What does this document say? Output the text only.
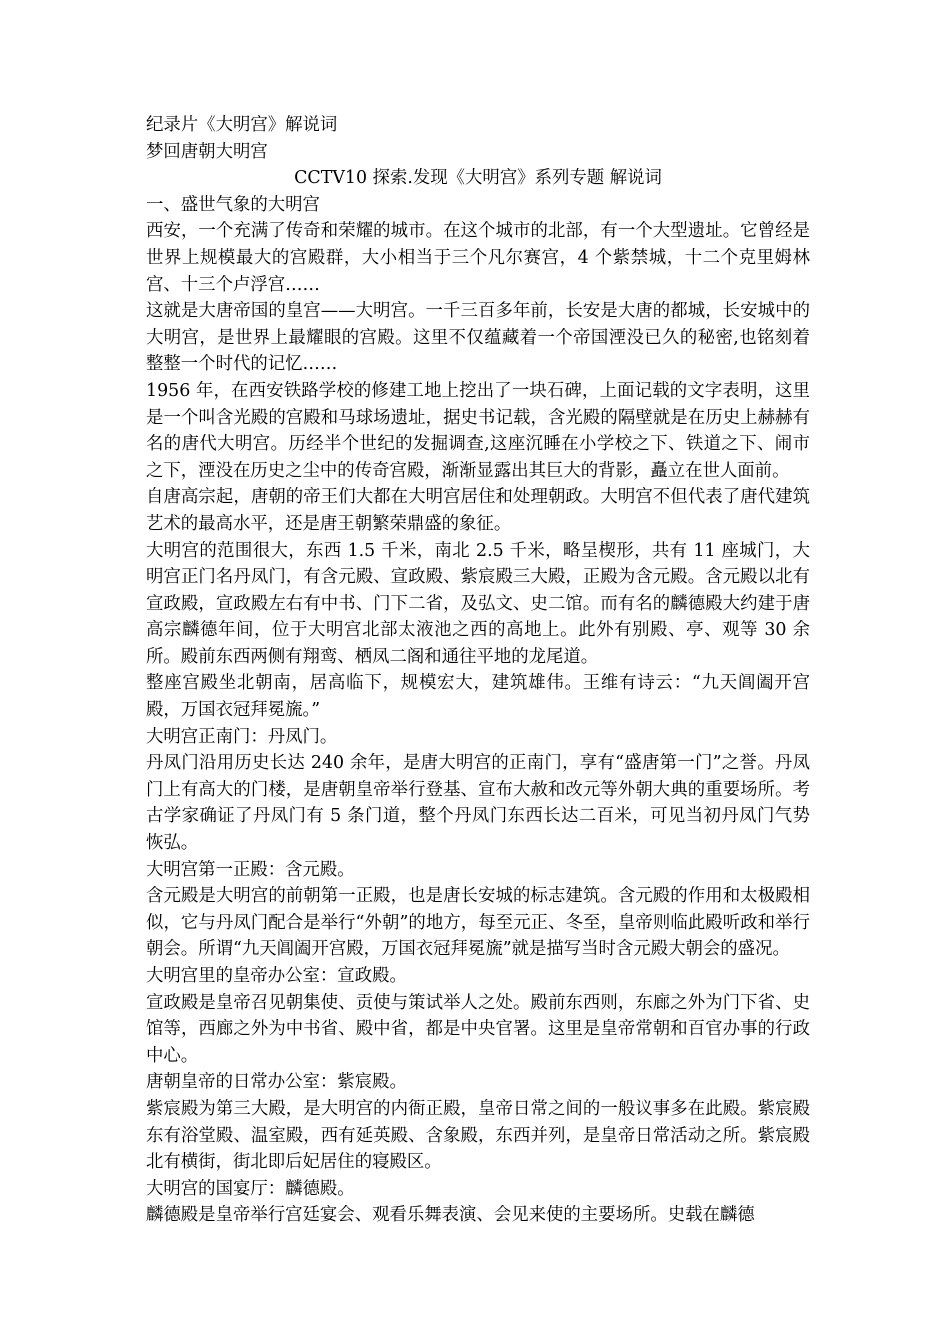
纪录片《大明宫》解说词

梦回唐朝大明宫

CCTV10 探索.发现《大明宫》系列专题 解说词

一、盛世气象的大明宫

西安，一个充满了传奇和荣耀的城市。在这个城市的北部，有一个大型遗址。它曾经是世界上规模最大的宫殿群，大小相当于三个凡尔赛宫，4 个紫禁城，十二个克里姆林宫、十三个卢浮宫……

这就是大唐帝国的皇宫——大明宫。一千三百多年前，长安是大唐的都城，长安城中的大明宫，是世界上最耀眼的宫殿。这里不仅蕴藏着一个帝国湮没已久的秘密,也铭刻着整整一个时代的记忆……

1956 年，在西安铁路学校的修建工地上挖出了一块石碑，上面记载的文字表明，这里是一个叫含光殿的宫殿和马球场遗址，据史书记载，含光殿的隔壁就是在历史上赫赫有名的唐代大明宫。历经半个世纪的发掘调查,这座沉睡在小学校之下、铁道之下、闹市之下，湮没在历史之尘中的传奇宫殿，渐渐显露出其巨大的背影，矗立在世人面前。

自唐高宗起，唐朝的帝王们大都在大明宫居住和处理朝政。大明宫不但代表了唐代建筑艺术的最高水平，还是唐王朝繁荣鼎盛的象征。

大明宫的范围很大，东西 1.5 千米，南北 2.5 千米，略呈楔形，共有 11 座城门，大明宫正门名丹凤门，有含元殿、宣政殿、紫宸殿三大殿，正殿为含元殿。含元殿以北有宣政殿，宣政殿左右有中书、门下二省，及弘文、史二馆。而有名的麟德殿大约建于唐高宗麟德年间，位于大明宫北部太液池之西的高地上。此外有别殿、亭、观等 30 余所。殿前东西两侧有翔鸾、栖凤二阁和通往平地的龙尾道。

整座宫殿坐北朝南，居高临下，规模宏大，建筑雄伟。王维有诗云：“九天阊阖开宫殿，万国衣冠拜冕旒。”

大明宫正南门：丹凤门。

丹凤门沿用历史长达 240 余年，是唐大明宫的正南门，享有“盛唐第一门”之誉。丹凤门上有高大的门楼，是唐朝皇帝举行登基、宣布大赦和改元等外朝大典的重要场所。考古学家确证了丹凤门有 5 条门道，整个丹凤门东西长达二百米，可见当初丹凤门气势恢弘。

大明宫第一正殿：含元殿。

含元殿是大明宫的前朝第一正殿，也是唐长安城的标志建筑。含元殿的作用和太极殿相似，它与丹凤门配合是举行“外朝”的地方，每至元正、冬至，皇帝则临此殿听政和举行朝会。所谓“九天阊阖开宫殿，万国衣冠拜冕旒”就是描写当时含元殿大朝会的盛况。

大明宫里的皇帝办公室：宣政殿。

宣政殿是皇帝召见朝集使、贡使与策试举人之处。殿前东西则，东廊之外为门下省、史馆等，西廊之外为中书省、殿中省，都是中央官署。这里是皇帝常朝和百官办事的行政中心。

唐朝皇帝的日常办公室：紫宸殿。

紫宸殿为第三大殿，是大明宫的内衙正殿，皇帝日常之间的一般议事多在此殿。紫宸殿东有浴堂殿、温室殿，西有延英殿、含象殿，东西并列，是皇帝日常活动之所。紫宸殿北有横街，街北即后妃居住的寝殿区。

大明宫的国宴厅：麟德殿。

麟德殿是皇帝举行宫廷宴会、观看乐舞表演、会见来使的主要场所。史载在麟德
